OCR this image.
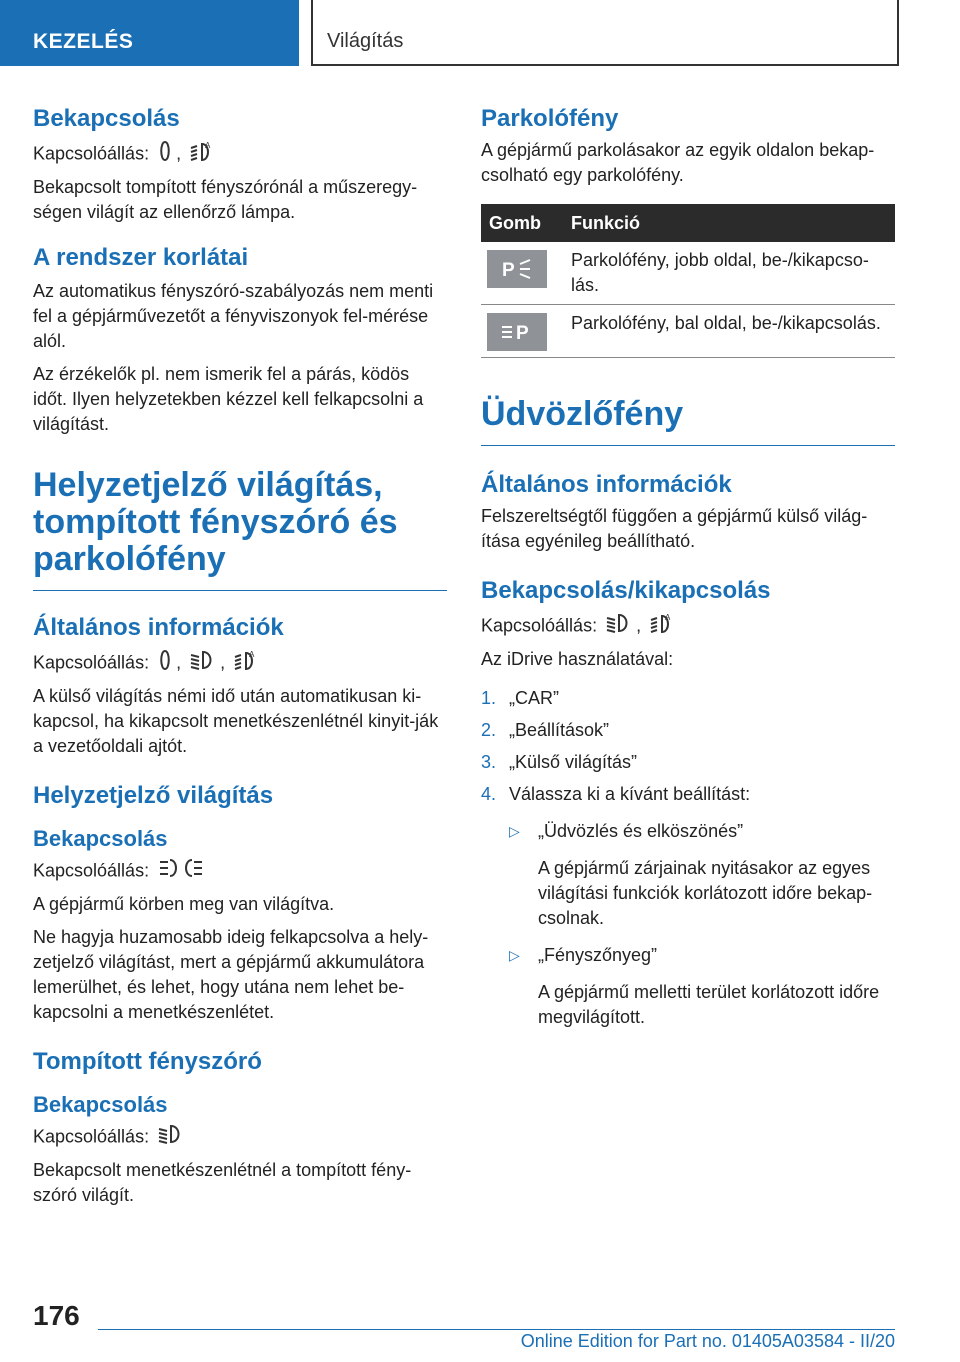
KEZELÉS	Világítás
Bekapcsolás

Kapcsolóállás: , A

Bekapcsolt tompított fényszórónál a műszeregy-ségen világít az ellenőrző lámpa.

A rendszer korlátai

Az automatikus fényszóró-szabályozás nem menti fel a gépjárművezetőt a fényviszonyok fel-mérése alól.

Az érzékelők pl. nem ismerik fel a párás, ködös időt. Ilyen helyzetekben kézzel kell felkapcsolni a világítást.

Helyzetjelző világítás, tompított fényszóró és parkolófény
Általános információk

Kapcsolóállás: , , A

A külső világítás némi idő után automatikusan ki-kapcsol, ha kikapcsolt menetkészenlétnél kinyit-ják a vezetőoldali ajtót.

Helyzetjelző világítás
Bekapcsolás

Kapcsolóállás:

A gépjármű körben meg van világítva.

Ne hagyja huzamosabb ideig felkapcsolva a hely-zetjelző világítást, mert a gépjármű akkumulátora lemerülhet, és lehet, hogy utána nem lehet be-kapcsolni a menetkészenlétet.

Tompított fényszóró
Bekapcsolás

Kapcsolóállás:

Bekapcsolt menetkészenlétnél a tompított fény-szóró világít.

Parkolófény

A gépjármű parkolásakor az egyik oldalon bekap-csolható egy parkolófény.

Gomb	Funkció

P	Parkolófény, jobb oldal, be-/kikapcso-lás.

P	Parkolófény, bal oldal, be-/kikapcsolás.
Üdvözlőfény
Általános információk

Felszereltségtől függően a gépjármű külső világ-ítása egyénileg beállítható.

Bekapcsolás/kikapcsolás

Kapcsolóállás: , A

Az iDrive használatával:

1. „CAR”
2. „Beállítások”
3. „Külső világítás”
4. Válassza ki a kívánt beállítást:
▷ „Üdvözlés és elköszönés”
A gépjármű zárjainak nyitásakor az egyes világítási funkciók korlátozott időre bekap-csolnak.
▷ „Fényszőnyeg”
A gépjármű melletti terület korlátozott időre megvilágított.
176
Online Edition for Part no. 01405A03584 - II/20
